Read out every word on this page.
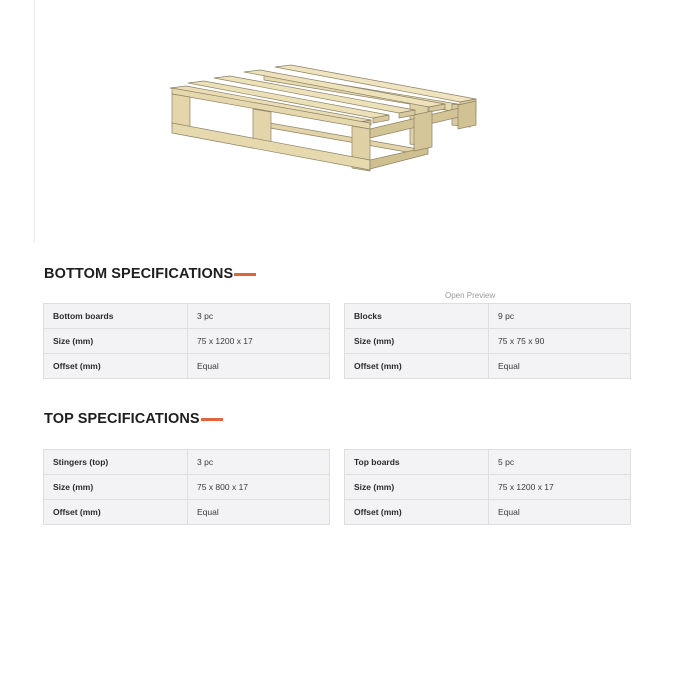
BOTTOM SPECIFICATIONS
Open Preview
Bottom boards	3 pc
Size (mm)	75 x 1200 x 17
Offset (mm)	Equal
Blocks	9 pc
Size (mm)	75 x 75 x 90
Offset (mm)	Equal
TOP SPECIFICATIONS
Stingers (top)	3 pc
Size (mm)	75 x 800 x 17
Offset (mm)	Equal
Top boards	5 pc
Size (mm)	75 x 1200 x 17
Offset (mm)	Equal
